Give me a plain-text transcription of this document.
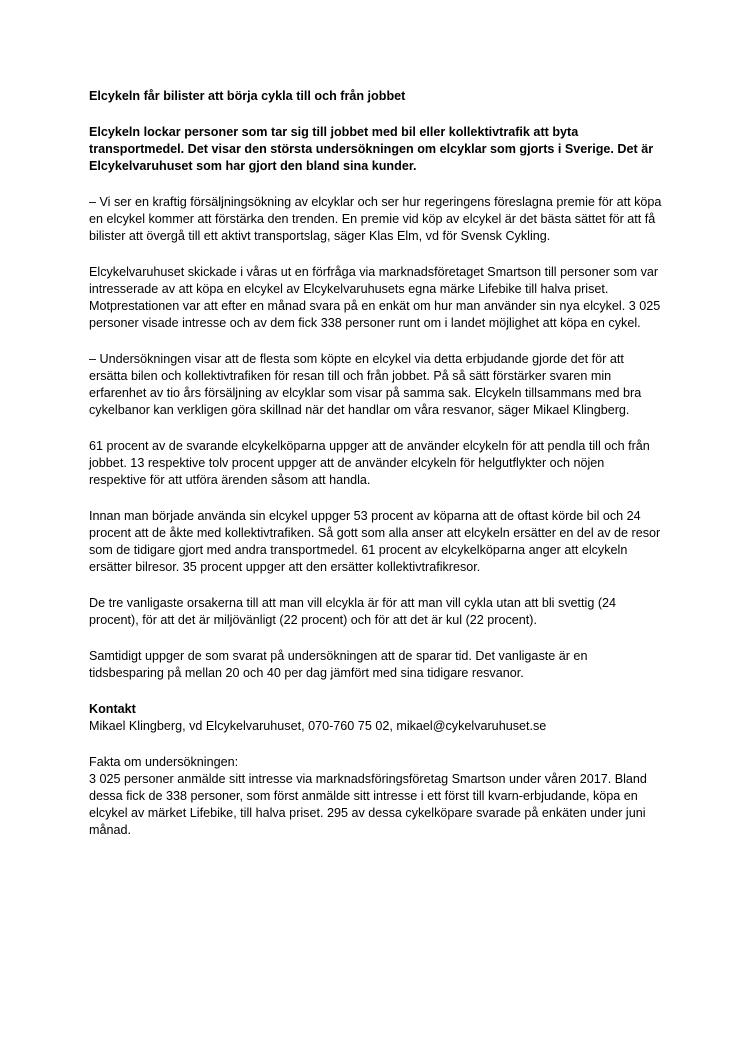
Elcykeln får bilister att börja cykla till och från jobbet

Elcykeln lockar personer som tar sig till jobbet med bil eller kollektivtrafik att byta transportmedel. Det visar den största undersökningen om elcyklar som gjorts i Sverige. Det är Elcykelvaruhuset som har gjort den bland sina kunder.

– Vi ser en kraftig försäljningsökning av elcyklar och ser hur regeringens föreslagna premie för att köpa en elcykel kommer att förstärka den trenden. En premie vid köp av elcykel är det bästa sättet för att få bilister att övergå till ett aktivt transportslag, säger Klas Elm, vd för Svensk Cykling.

Elcykelvaruhuset skickade i våras ut en förfråga via marknadsföretaget Smartson till personer som var intresserade av att köpa en elcykel av Elcykelvaruhusets egna märke Lifebike till halva priset. Motprestationen var att efter en månad svara på en enkät om hur man använder sin nya elcykel. 3 025 personer visade intresse och av dem fick 338 personer runt om i landet möjlighet att köpa en cykel.

– Undersökningen visar att de flesta som köpte en elcykel via detta erbjudande gjorde det för att ersätta bilen och kollektivtrafiken för resan till och från jobbet. På så sätt förstärker svaren min erfarenhet av tio års försäljning av elcyklar som visar på samma sak. Elcykeln tillsammans med bra cykelbanor kan verkligen göra skillnad när det handlar om våra resvanor, säger Mikael Klingberg.

61 procent av de svarande elcykelköparna uppger att de använder elcykeln för att pendla till och från jobbet. 13 respektive tolv procent uppger att de använder elcykeln för helgutflykter och nöjen respektive för att utföra ärenden såsom att handla.

Innan man började använda sin elcykel uppger 53 procent av köparna att de oftast körde bil och 24 procent att de åkte med kollektivtrafiken. Så gott som alla anser att elcykeln ersätter en del av de resor som de tidigare gjort med andra transportmedel. 61 procent av elcykelköparna anger att elcykeln ersätter bilresor. 35 procent uppger att den ersätter kollektivtrafikresor.

De tre vanligaste orsakerna till att man vill elcykla är för att man vill cykla utan att bli svettig (24 procent), för att det är miljövänligt (22 procent) och för att det är kul (22 procent).

Samtidigt uppger de som svarat på undersökningen att de sparar tid. Det vanligaste är en tidsbesparing på mellan 20 och 40 per dag jämfört med sina tidigare resvanor.

Kontakt

Mikael Klingberg, vd Elcykelvaruhuset, 070-760 75 02, mikael@cykelvaruhuset.se

Fakta om undersökningen:

3 025 personer anmälde sitt intresse via marknadsföringsföretag Smartson under våren 2017. Bland dessa fick de 338 personer, som först anmälde sitt intresse i ett först till kvarn-erbjudande, köpa en elcykel av märket Lifebike, till halva priset. 295 av dessa cykelköpare svarade på enkäten under juni månad.
